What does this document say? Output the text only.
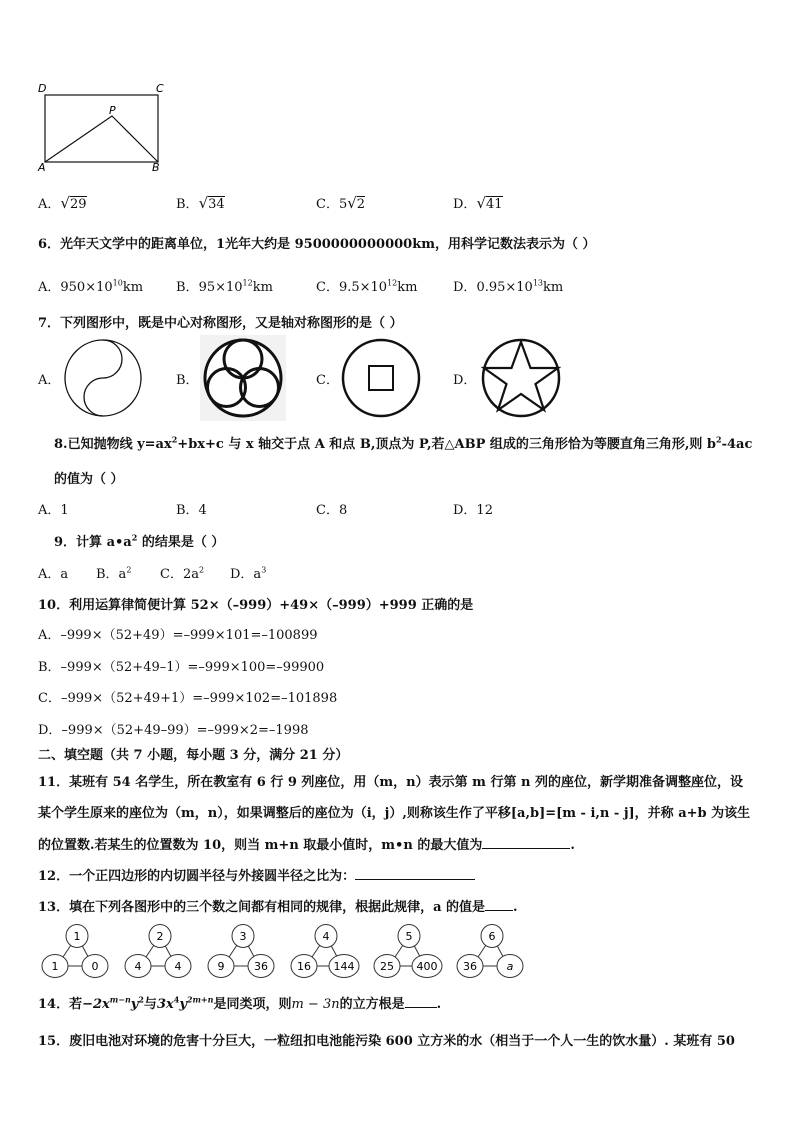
D	C
P
A	B
A．√29	B．√34	C．5√2	D．√41
6．光年天文学中的距离单位，1光年大约是 9500000000000km，用科学记数法表示为（ ）
A．$950\times 10^{10}km$	B．$95\times 10^{12}km$	C．$9.5\times 10^{12}km$	D．$0.95\times 10^{13}km$
7．下列图形中，既是中心对称图形，又是轴对称图形的是（ ）
A．	B．	C．	D．
8.已知抛物线 $y=ax^2+bx+c$ 与 x 轴交于点 A 和点 B,顶点为 P,若△ABP 组成的三角形恰为等腰直角三角形,则 $b^2-4ac$
的值为（ ）
A．1	B．4	C．8	D．12
9．计算 $a•a^2$ 的结果是（ ）
A．a B．$a^2$ C．$2a^2$ D．$a^3$
10．利用运算律简便计算 52×（–999）+49×（–999）+999 正确的是
A．–999×（52+49）=–999×101=–100899
B．–999×（52+49–1）=–999×100=–99900
C．–999×（52+49+1）=–999×102=–101898
D．–999×（52+49–99）=–999×2=–1998
二、填空题（共 7 小题，每小题 3 分，满分 21 分）
11．某班有 54 名学生，所在教室有 6 行 9 列座位，用（m，n）表示第 m 行第 n 列的座位，新学期准备调整座位，设
某个学生原来的座位为（m，n），如果调整后的座位为（i，j）,则称该生作了平移[a,b]=[m - i,n - j]，并称 a+b 为该生
的位置数.若某生的位置数为 10，则当 m+n 取最小值时，m•n 的最大值为	.
12．一个正四边形的内切圆半径与外接圆半径之比为：
13．填在下列各图形中的三个数之间都有相同的规律，根据此规律，a 的值是 .
1
1	0
2
4	4
3
9	36
4
16 144
5
25 400
6
36	a
14．若$-2x^{m-n}y^2$与$3x^4y^{2m+n}$是同类项，则m − 3n的立方根是 .
15．废旧电池对环境的危害十分巨大，一粒纽扣电池能污染 600 立方米的水（相当于一个人一生的饮水量）. 某班有 50
